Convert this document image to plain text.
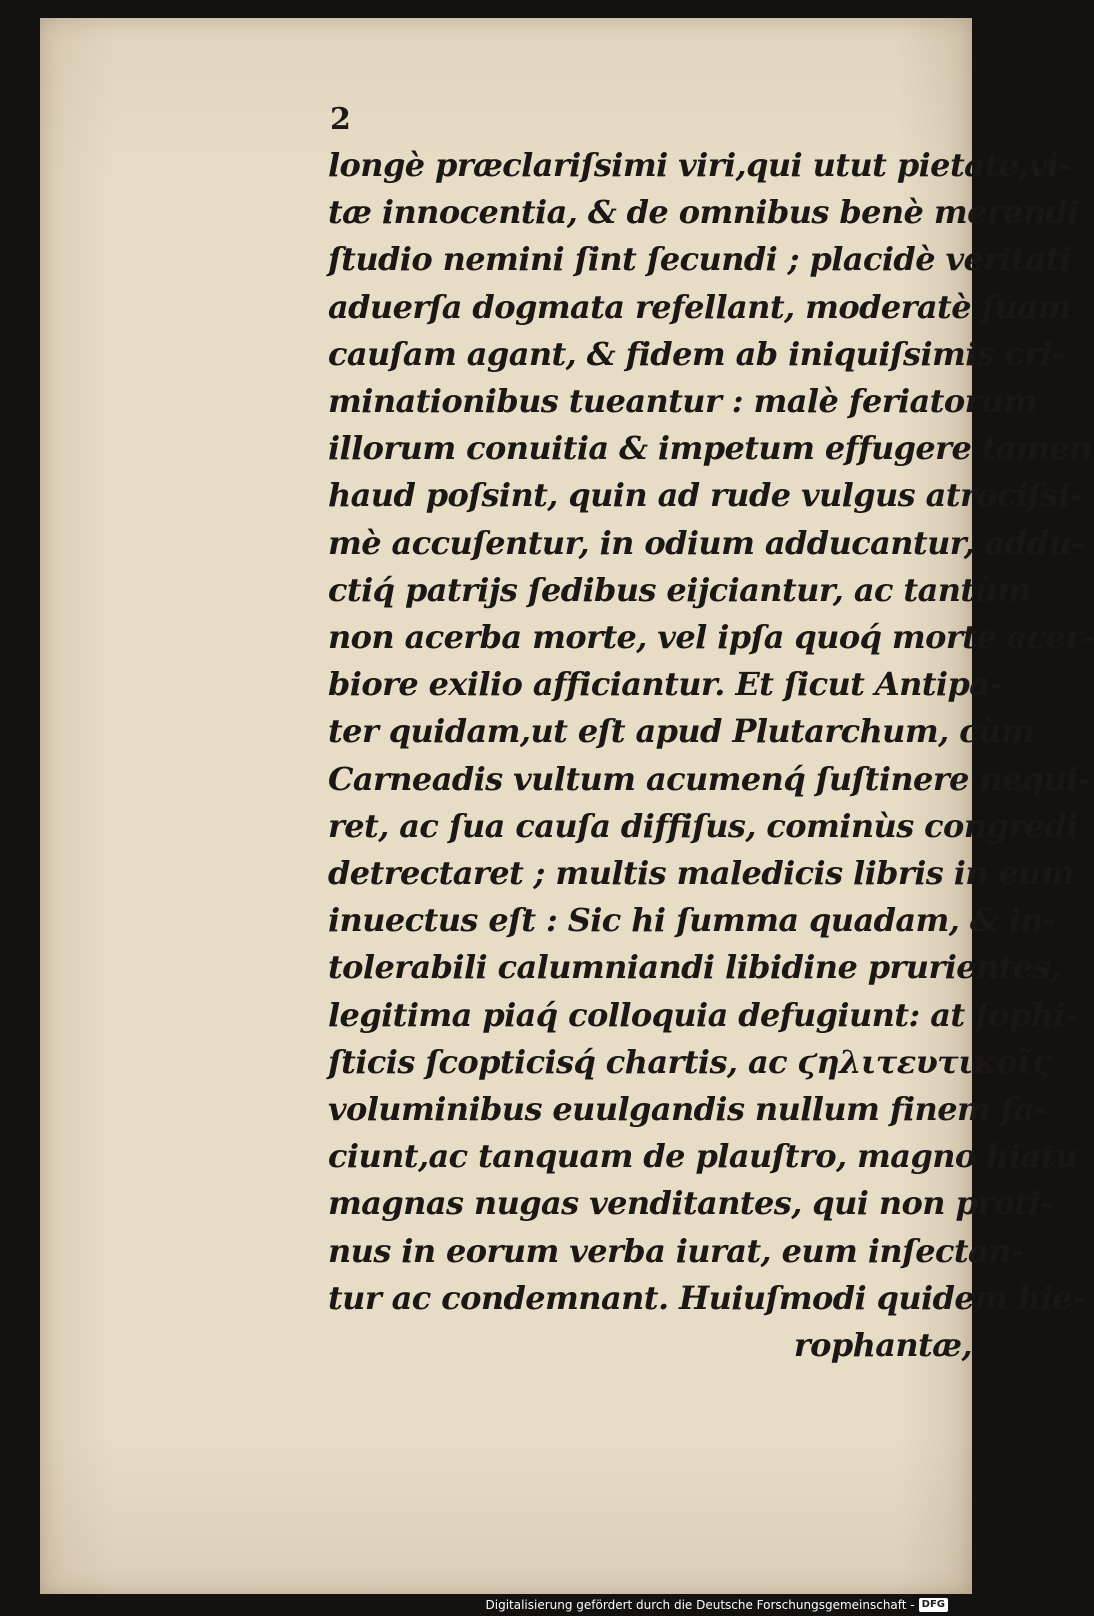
2
longè præclariſsimi viri,qui utut pietate,vi-
tæ innocentia, & de omnibus benè merendi
ſtudio nemini ſint ſecundi ; placidè veritati
aduerſa dogmata refellant, moderatè ſuam
cauſam agant, & fidem ab iniquiſsimis cri-
minationibus tueantur : malè feriatorum
illorum conuitia & impetum effugere tamen
haud poſsint, quin ad rude vulgus atrociſsi-
mè accuſentur, in odium adducantur, addu-
ctiq́ patrijs ſedibus eijciantur, ac tantùm
non acerba morte, vel ipſa quoq́ morte acer-
biore exilio afficiantur. Et ſicut Antipa-
ter quidam,ut eſt apud Plutarchum, cùm
Carneadis vultum acumenq́ ſuſtinere nequi-
ret, ac ſua cauſa diffiſus, cominùs congredi
detrectaret ; multis maledicis libris in eum
inuectus eſt : Sic hi ſumma quadam, & in-
tolerabili calumniandi libidine prurientes,
legitima piaq́ colloquia defugiunt: at ſophi-
ſticis ſcopticisq́ chartis, ac ϛηλιτευτικοῖς
voluminibus euulgandis nullum finem fa-
ciunt,ac tanquam de plauſtro, magno hiatu
magnas nugas venditantes, qui non proti-
nus in eorum verba iurat, eum inſectan-
tur ac condemnant. Huiuſmodi quidem hie-
rophantæ,
Digitalisierung gefördert durch die Deutsche Forschungsgemeinschaft - DFG
